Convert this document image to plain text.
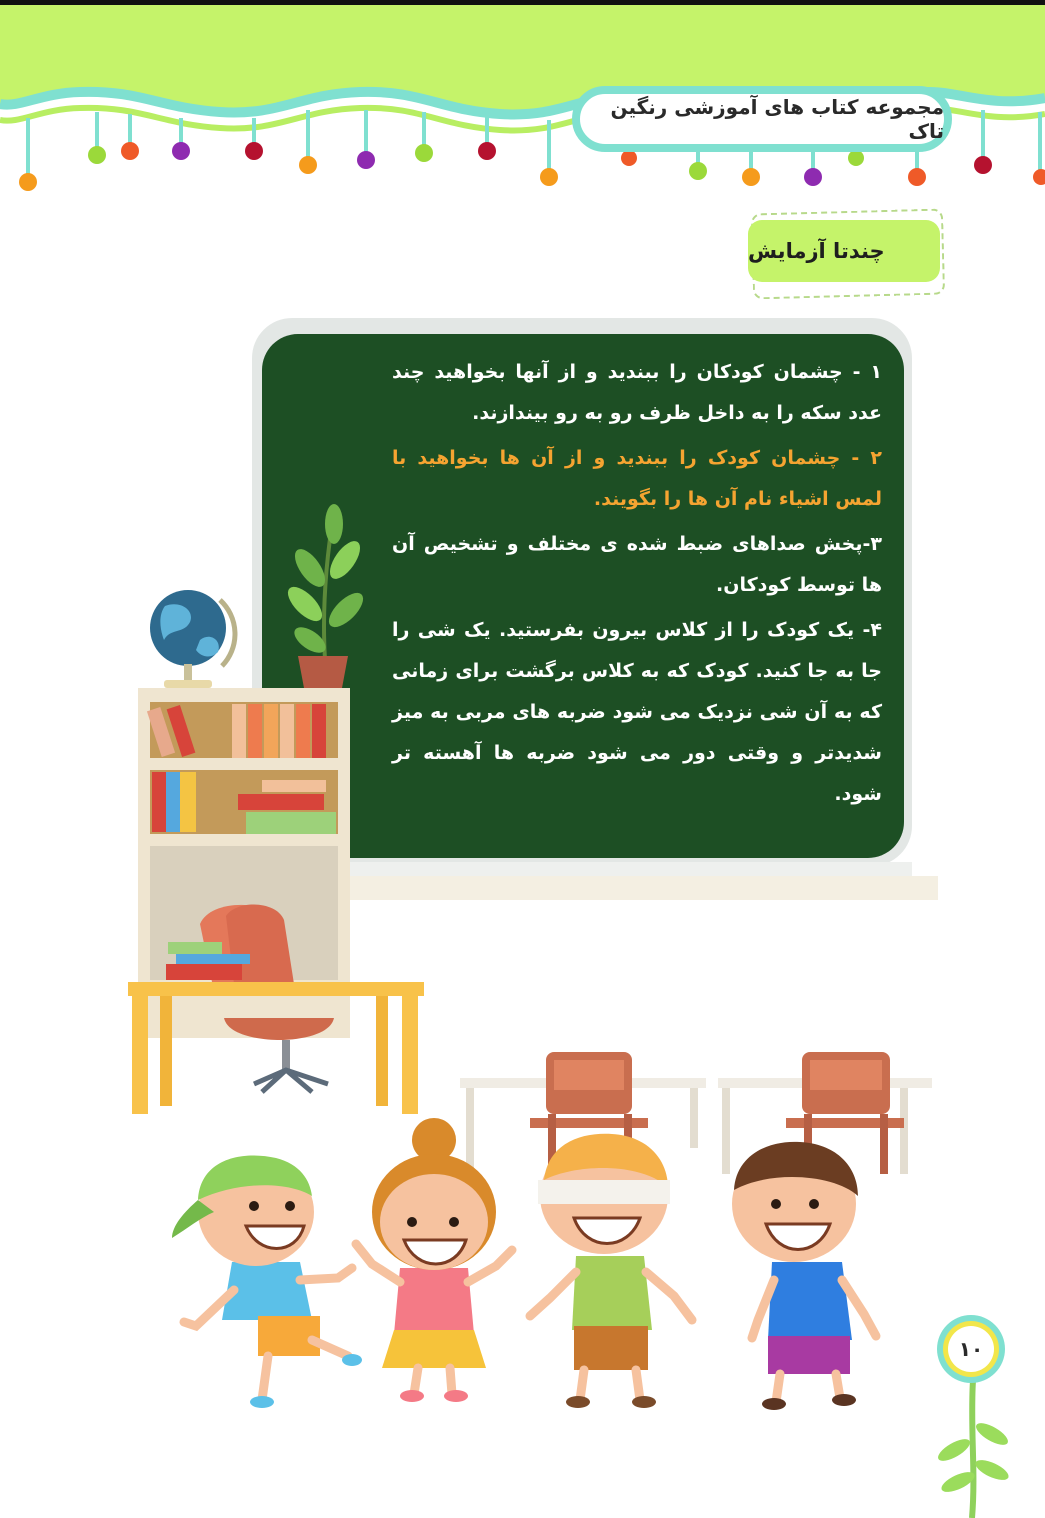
مجموعه کتاب های آموزشی رنگین تاک
چندتا آزمایش

۱ - چشمان کودکان را ببندید و از آنها بخواهید چند عدد سکه را به داخل ظرف رو به رو بیندازند.

۲ - چشمان کودک را ببندید و از آن ها بخواهید با لمس اشیاء نام آن ها را بگویند.

۳-پخش صداهای ضبط شده ی مختلف و تشخیص آن ها توسط کودکان.

۴- یک کودک را از کلاس بیرون بفرستید. یک شی را جا به جا کنید. کودک که به کلاس برگشت برای زمانی که به آن شی نزدیک می شود ضربه های مربی به میز شدیدتر و وقتی دور می شود ضربه ها آهسته تر شود.

۱۰
